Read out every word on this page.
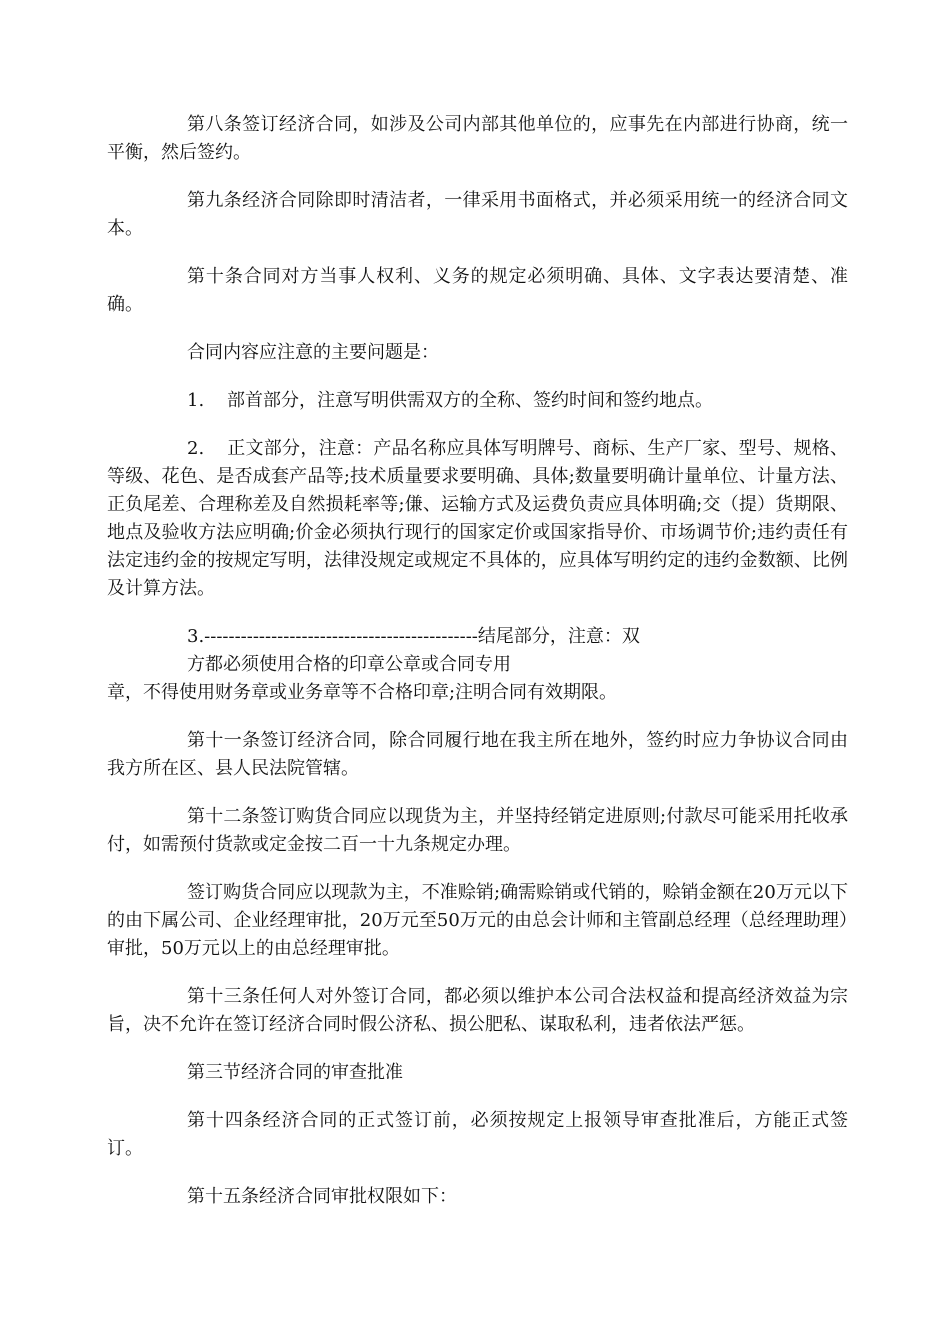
第八条签订经济合同，如涉及公司内部其他单位的，应事先在内部进行协商，统一平衡，然后签约。

第九条经济合同除即时清洁者，一律采用书面格式，并必须采用统一的经济合同文本。

第十条合同对方当事人权利、义务的规定必须明确、具体、文字表达要清楚、准确。

合同内容应注意的主要问题是：

1. 部首部分，注意写明供需双方的全称、签约时间和签约地点。

2. 正文部分，注意：产品名称应具体写明牌号、商标、生产厂家、型号、规格、等级、花色、是否成套产品等;技术质量要求要明确、具体;数量要明确计量单位、计量方法、正负尾差、合理称差及自然损耗率等;傔、运输方式及运费负责应具体明确;交（提）货期限、地点及验收方法应明确;价金必须执行现行的国家定价或国家指导价、市场调节价;违约责任有法定违约金的按规定写明，法律没规定或规定不具体的，应具体写明约定的违约金数额、比例及计算方法。

3.---------------------------------------------结尾部分，注意：双
方都必须使用合格的印章公章或合同专用
章，不得使用财务章或业务章等不合格印章;注明合同有效期限。

第十一条签订经济合同，除合同履行地在我主所在地外，签约时应力争协议合同由我方所在区、县人民法院管辖。

第十二条签订购货合同应以现货为主，并坚持经销定进原则;付款尽可能采用托收承付，如需预付货款或定金按二百一十九条规定办理。

签订购货合同应以现款为主，不准赊销;确需赊销或代销的，赊销金额在20万元以下的由下属公司、企业经理审批，20万元至50万元的由总会计师和主管副总经理（总经理助理）审批，50万元以上的由总经理审批。

第十三条任何人对外签订合同，都必须以维护本公司合法权益和提高经济效益为宗旨，决不允许在签订经济合同时假公济私、损公肥私、谋取私利，违者依法严惩。

第三节经济合同的审查批准

第十四条经济合同的正式签订前，必须按规定上报领导审查批准后，方能正式签订。

第十五条经济合同审批权限如下：
